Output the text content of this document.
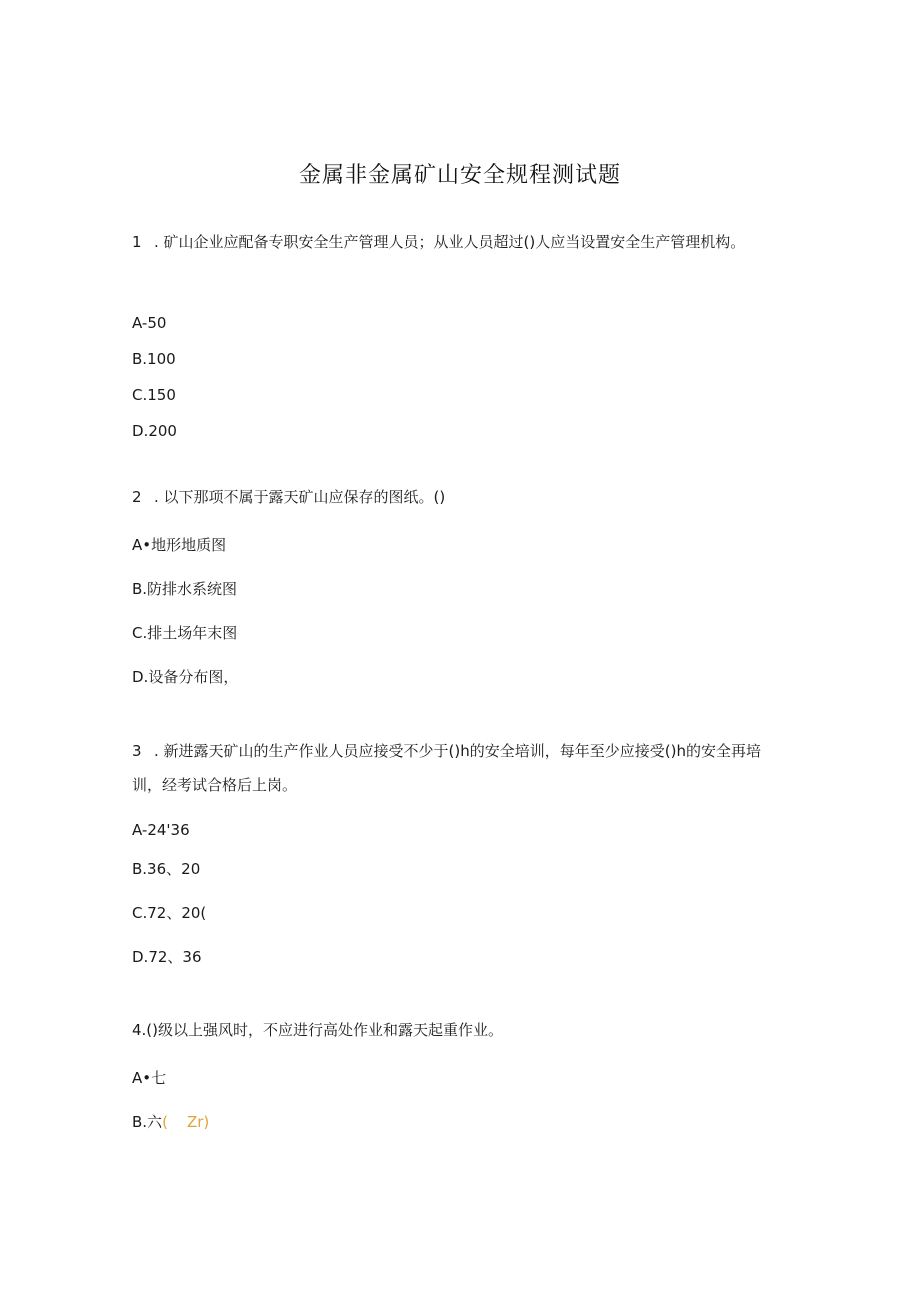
金属非金属矿山安全规程测试题
1 . 矿山企业应配备专职安全生产管理人员；从业人员超过()人应当设置安全生产管理机构。
A-50
B.100
C.150
D.200
2 . 以下那项不属于露天矿山应保存的图纸。()
A•地形地质图
B.防排水系统图
C.排土场年末图
D.设备分布图，
3 . 新进露天矿山的生产作业人员应接受不少于()h的安全培训，每年至少应接受()h的安全再培训，经考试合格后上岗。
A-24'36
B.36、20
C.72、20(
D.72、36
4.()级以上强风时，不应进行高处作业和露天起重作业。
A•七
B.六(    Zr)
